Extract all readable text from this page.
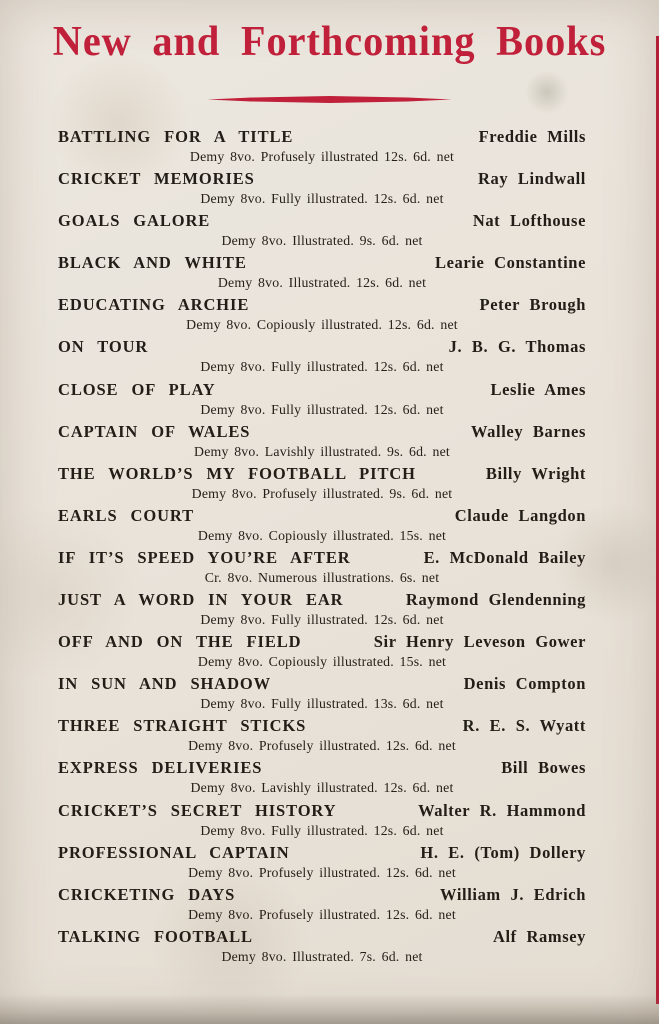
New and Forthcoming Books
BATTLING FOR A TITLE	Freddie Mills
Demy 8vo. Profusely illustrated 12s. 6d. net
CRICKET MEMORIES	Ray Lindwall
Demy 8vo. Fully illustrated. 12s. 6d. net
GOALS GALORE	Nat Lofthouse
Demy 8vo. Illustrated. 9s. 6d. net
BLACK AND WHITE	Learie Constantine
Demy 8vo. Illustrated. 12s. 6d. net
EDUCATING ARCHIE	Peter Brough
Demy 8vo. Copiously illustrated. 12s. 6d. net
ON TOUR	J. B. G. Thomas
Demy 8vo. Fully illustrated. 12s. 6d. net
CLOSE OF PLAY	Leslie Ames
Demy 8vo. Fully illustrated. 12s. 6d. net
CAPTAIN OF WALES	Walley Barnes
Demy 8vo. Lavishly illustrated. 9s. 6d. net
THE WORLD’S MY FOOTBALL PITCH	Billy Wright
Demy 8vo. Profusely illustrated. 9s. 6d. net
EARLS COURT	Claude Langdon
Demy 8vo. Copiously illustrated. 15s. net
IF IT’S SPEED YOU’RE AFTER	E. McDonald Bailey
Cr. 8vo. Numerous illustrations. 6s. net
JUST A WORD IN YOUR EAR	Raymond Glendenning
Demy 8vo. Fully illustrated. 12s. 6d. net
OFF AND ON THE FIELD	Sir Henry Leveson Gower
Demy 8vo. Copiously illustrated. 15s. net
IN SUN AND SHADOW	Denis Compton
Demy 8vo. Fully illustrated. 13s. 6d. net
THREE STRAIGHT STICKS	R. E. S. Wyatt
Demy 8vo. Profusely illustrated. 12s. 6d. net
EXPRESS DELIVERIES	Bill Bowes
Demy 8vo. Lavishly illustrated. 12s. 6d. net
CRICKET’S SECRET HISTORY	Walter R. Hammond
Demy 8vo. Fully illustrated. 12s. 6d. net
PROFESSIONAL CAPTAIN	H. E. (Tom) Dollery
Demy 8vo. Profusely illustrated. 12s. 6d. net
CRICKETING DAYS	William J. Edrich
Demy 8vo. Profusely illustrated. 12s. 6d. net
TALKING FOOTBALL	Alf Ramsey
Demy 8vo. Illustrated. 7s. 6d. net
